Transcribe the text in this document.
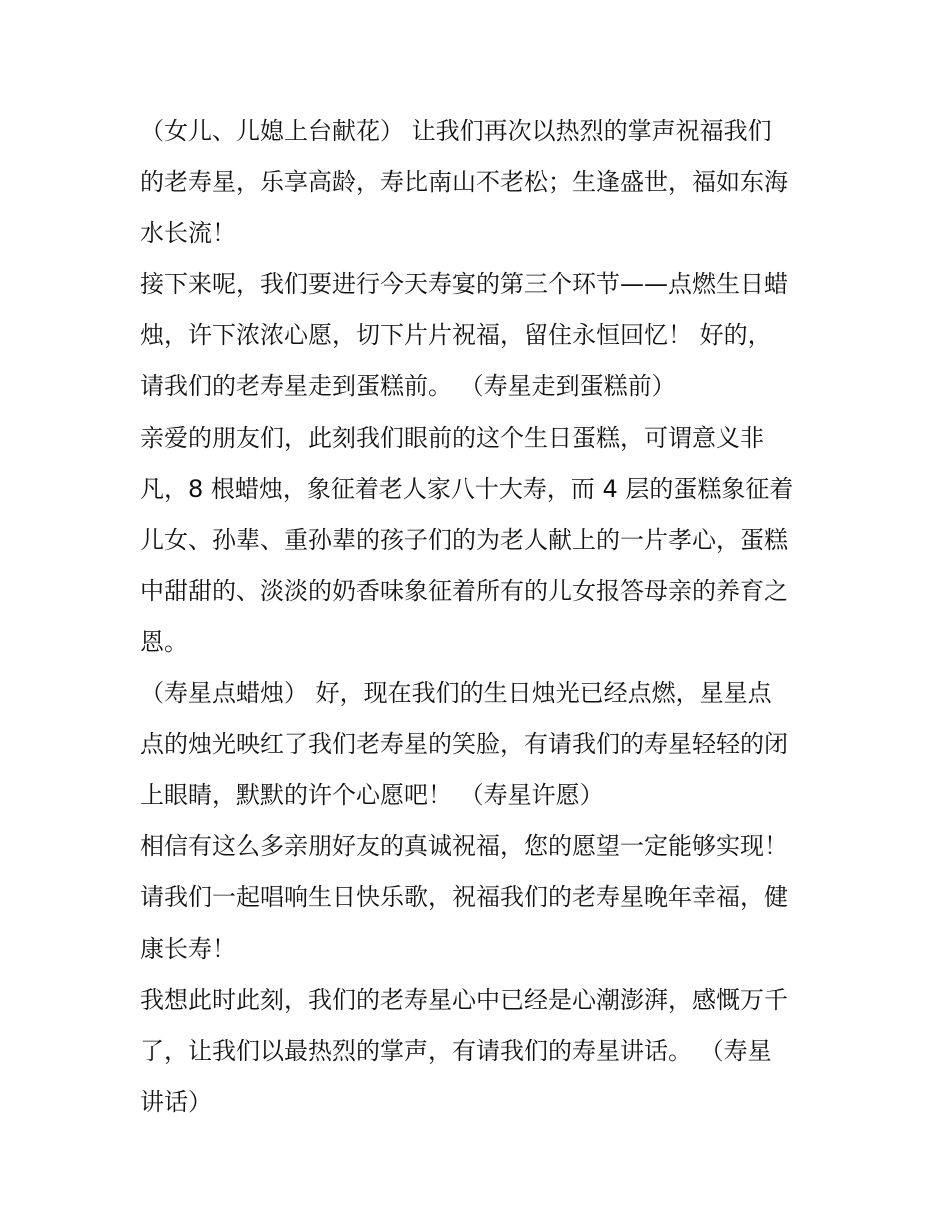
（女儿、儿媳上台献花） 让我们再次以热烈的掌声祝福我们
的老寿星，乐享高龄，寿比南山不老松；生逢盛世，福如东海
水长流！
接下来呢，我们要进行今天寿宴的第三个环节——点燃生日蜡
烛，许下浓浓心愿，切下片片祝福，留住永恒回忆！ 好的，
请我们的老寿星走到蛋糕前。 （寿星走到蛋糕前）
亲爱的朋友们，此刻我们眼前的这个生日蛋糕，可谓意义非
凡，8 根蜡烛，象征着老人家八十大寿，而 4 层的蛋糕象征着
儿女、孙辈、重孙辈的孩子们的为老人献上的一片孝心，蛋糕
中甜甜的、淡淡的奶香味象征着所有的儿女报答母亲的养育之
恩。
（寿星点蜡烛） 好，现在我们的生日烛光已经点燃，星星点
点的烛光映红了我们老寿星的笑脸，有请我们的寿星轻轻的闭
上眼睛，默默的许个心愿吧！ （寿星许愿）
相信有这么多亲朋好友的真诚祝福，您的愿望一定能够实现！
请我们一起唱响生日快乐歌，祝福我们的老寿星晚年幸福，健
康长寿！
我想此时此刻，我们的老寿星心中已经是心潮澎湃，感慨万千
了，让我们以最热烈的掌声，有请我们的寿星讲话。 （寿星
讲话）
